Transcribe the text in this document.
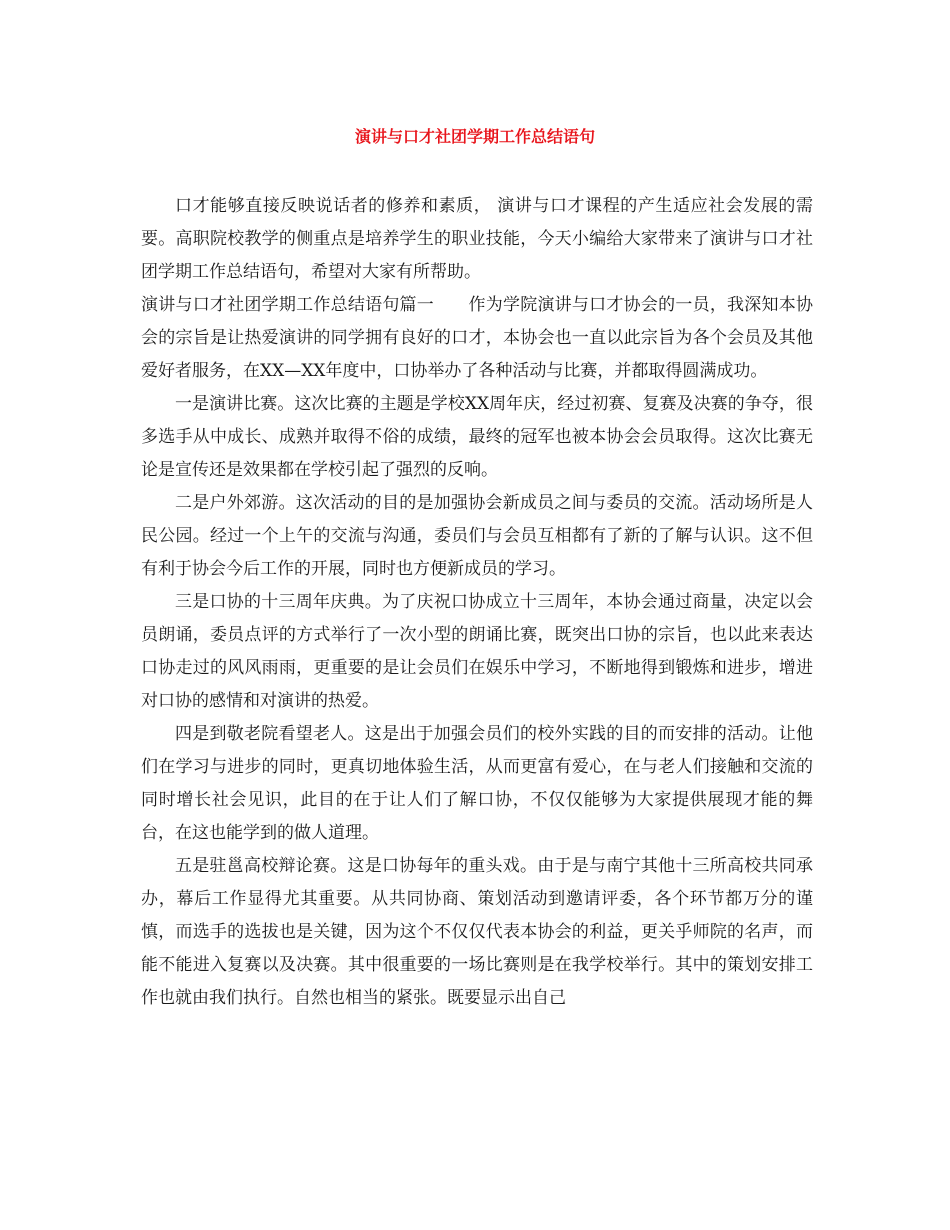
演讲与口才社团学期工作总结语句

口才能够直接反映说话者的修养和素质， 演讲与口才课程的产生适应社会发展的需要。高职院校教学的侧重点是培养学生的职业技能，今天小编给大家带来了演讲与口才社团学期工作总结语句，希望对大家有所帮助。

演讲与口才社团学期工作总结语句篇一　　作为学院演讲与口才协会的一员，我深知本协会的宗旨是让热爱演讲的同学拥有良好的口才，本协会也一直以此宗旨为各个会员及其他爱好者服务，在XX—XX年度中，口协举办了各种活动与比赛，并都取得圆满成功。

一是演讲比赛。这次比赛的主题是学校XX周年庆，经过初赛、复赛及决赛的争夺，很多选手从中成长、成熟并取得不俗的成绩，最终的冠军也被本协会会员取得。这次比赛无论是宣传还是效果都在学校引起了强烈的反响。

二是户外郊游。这次活动的目的是加强协会新成员之间与委员的交流。活动场所是人民公园。经过一个上午的交流与沟通，委员们与会员互相都有了新的了解与认识。这不但有利于协会今后工作的开展，同时也方便新成员的学习。

三是口协的十三周年庆典。为了庆祝口协成立十三周年，本协会通过商量，决定以会员朗诵，委员点评的方式举行了一次小型的朗诵比赛，既突出口协的宗旨，也以此来表达口协走过的风风雨雨，更重要的是让会员们在娱乐中学习，不断地得到锻炼和进步，增进对口协的感情和对演讲的热爱。

四是到敬老院看望老人。这是出于加强会员们的校外实践的目的而安排的活动。让他们在学习与进步的同时，更真切地体验生活，从而更富有爱心，在与老人们接触和交流的同时增长社会见识，此目的在于让人们了解口协，不仅仅能够为大家提供展现才能的舞台，在这也能学到的做人道理。

五是驻邕高校辩论赛。这是口协每年的重头戏。由于是与南宁其他十三所高校共同承办，幕后工作显得尤其重要。从共同协商、策划活动到邀请评委，各个环节都万分的谨慎，而选手的选拔也是关键，因为这个不仅仅代表本协会的利益，更关乎师院的名声，而能不能进入复赛以及决赛。其中很重要的一场比赛则是在我学校举行。其中的策划安排工作也就由我们执行。自然也相当的紧张。既要显示出自己
